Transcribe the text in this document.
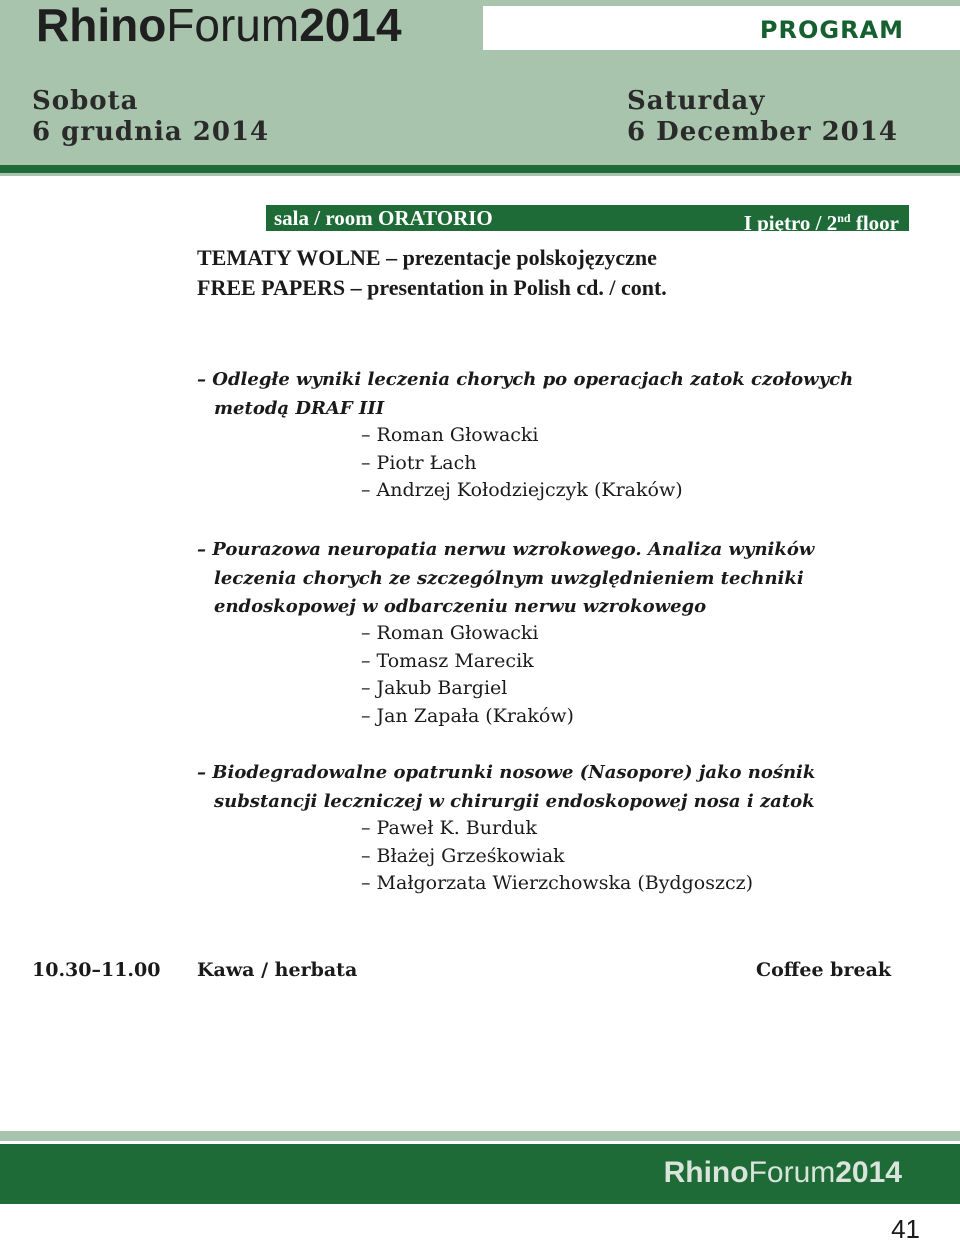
RhinoForum2014	PROGRAM
Sobota
6 grudnia 2014
Saturday
6 December 2014
sala / room ORATORIO	I piętro / 2nd floor
TEMATY WOLNE – prezentacje polskojęzyczne
FREE PAPERS – presentation in Polish cd. / cont.
– Odległe wyniki leczenia chorych po operacjach zatok czołowych metodą DRAF III
– Roman Głowacki
– Piotr Łach
– Andrzej Kołodziejczyk (Kraków)
– Pourazowa neuropatia nerwu wzrokowego. Analiza wyników leczenia chorych ze szczególnym uwzględnieniem techniki endoskopowej w odbarczeniu nerwu wzrokowego
– Roman Głowacki
– Tomasz Marecik
– Jakub Bargiel
– Jan Zapała (Kraków)
– Biodegradowalne opatrunki nosowe (Nasopore) jako nośnik substancji leczniczej w chirurgii endoskopowej nosa i zatok
– Paweł K. Burduk
– Błażej Grześkowiak
– Małgorzata Wierzchowska (Bydgoszcz)
10.30–11.00 Kawa / herbata	Coffee break
RhinoForum2014
41
